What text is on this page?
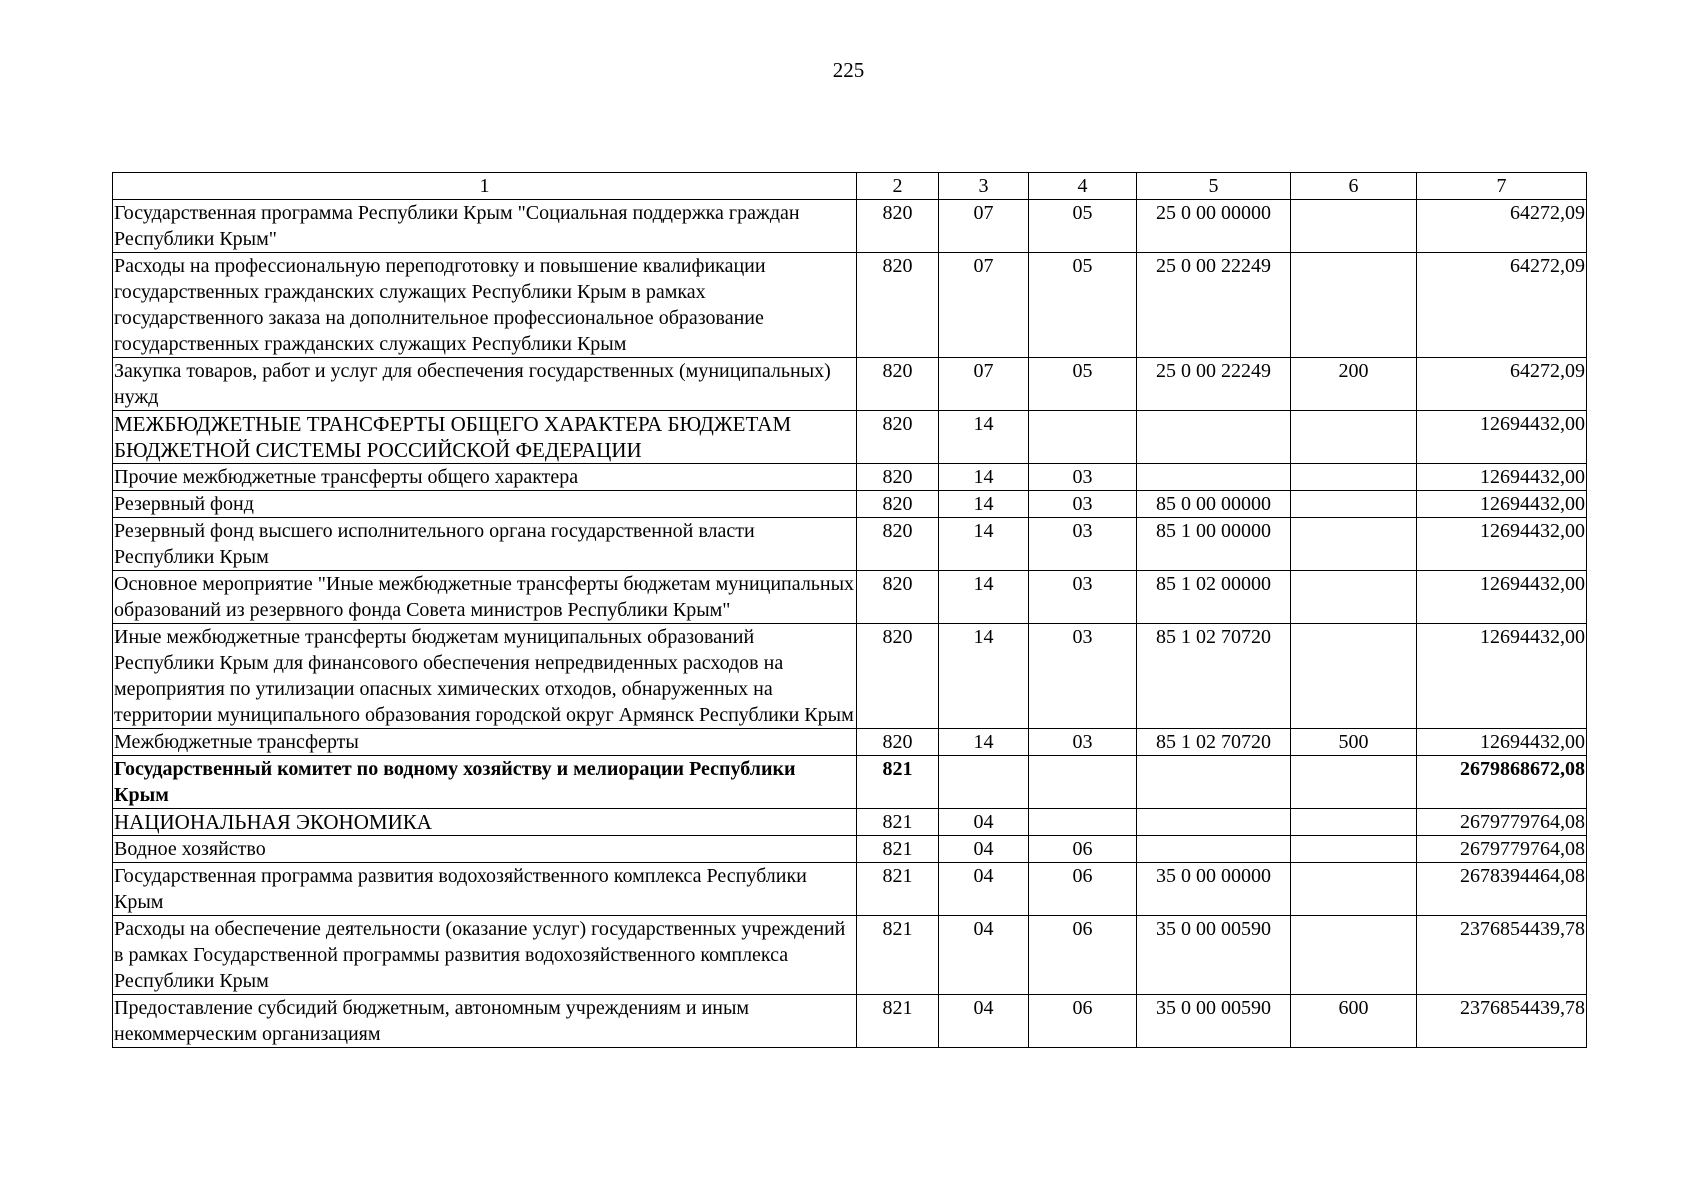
225
1	2	3	4	5	6	7
Государственная программа Республики Крым "Социальная поддержка граждан Республики Крым"	820	07	05	25 0 00 00000		64272,09
Расходы на профессиональную переподготовку и повышение квалификации государственных гражданских служащих Республики Крым в рамках государственного заказа на дополнительное профессиональное образование государственных гражданских служащих Республики Крым	820	07	05	25 0 00 22249		64272,09
Закупка товаров, работ и услуг для обеспечения государственных (муниципальных) нужд	820	07	05	25 0 00 22249	200	64272,09
МЕЖБЮДЖЕТНЫЕ ТРАНСФЕРТЫ ОБЩЕГО ХАРАКТЕРА БЮДЖЕТАМ БЮДЖЕТНОЙ СИСТЕМЫ РОССИЙСКОЙ ФЕДЕРАЦИИ	820	14				12694432,00
Прочие межбюджетные трансферты общего характера	820	14	03			12694432,00
Резервный фонд	820	14	03	85 0 00 00000		12694432,00
Резервный фонд высшего исполнительного органа государственной власти Республики Крым	820	14	03	85 1 00 00000		12694432,00
Основное мероприятие "Иные межбюджетные трансферты бюджетам муниципальных образований из резервного фонда Совета министров Республики Крым"	820	14	03	85 1 02 00000		12694432,00
Иные межбюджетные трансферты бюджетам муниципальных образований Республики Крым для финансового обеспечения непредвиденных расходов на мероприятия по утилизации опасных химических отходов, обнаруженных на территории муниципального образования городской округ Армянск Республики Крым	820	14	03	85 1 02 70720		12694432,00
Межбюджетные трансферты	820	14	03	85 1 02 70720	500	12694432,00
Государственный комитет по водному хозяйству и мелиорации Республики Крым	821					2679868672,08
НАЦИОНАЛЬНАЯ ЭКОНОМИКА	821	04				2679779764,08
Водное хозяйство	821	04	06			2679779764,08
Государственная программа развития водохозяйственного комплекса Республики Крым	821	04	06	35 0 00 00000		2678394464,08
Расходы на обеспечение деятельности (оказание услуг) государственных учреждений в рамках Государственной программы развития водохозяйственного комплекса Республики Крым	821	04	06	35 0 00 00590		2376854439,78
Предоставление субсидий бюджетным, автономным учреждениям и иным некоммерческим организациям	821	04	06	35 0 00 00590	600	2376854439,78
